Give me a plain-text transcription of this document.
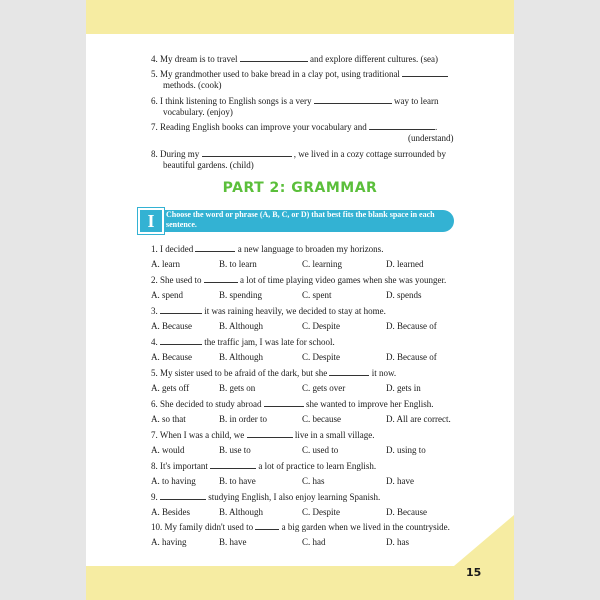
4. My dream is to travel	and explore different cultures. (sea)
5. My grandmother used to bake bread in a clay pot, using traditional
methods. (cook)
6. I think listening to English songs is a very	way to learn
vocabulary. (enjoy)
7. Reading English books can improve your vocabulary and	.
(understand)
8. During my	, we lived in a cozy cottage surrounded by
beautiful gardens. (child)
PART 2: GRAMMAR
I	Choose the word or phrase (A, B, C, or D) that best fits the blank space in each sentence.
1. I decided	a new language to broaden my horizons.
A. learn	B. to learn	C. learning	D. learned
2. She used to	a lot of time playing video games when she was younger.
A. spend	B. spending	C. spent	D. spends
3.	it was raining heavily, we decided to stay at home.
A. Because	B. Although	C. Despite	D. Because of
4.	the traffic jam, I was late for school.
A. Because	B. Although	C. Despite	D. Because of
5. My sister used to be afraid of the dark, but she	it now.
A. gets off	B. gets on	C. gets over	D. gets in
6. She decided to study abroad	she wanted to improve her English.
A. so that	B. in order to	C. because	D. All are correct.
7. When I was a child, we	live in a small village.
A. would	B. use to	C. used to	D. using to
8. It's important	a lot of practice to learn English.
A. to having	B. to have	C. has	D. have
9.	studying English, I also enjoy learning Spanish.
A. Besides	B. Although	C. Despite	D. Because
10. My family didn't used to	a big garden when we lived in the countryside.
A. having	B. have	C. had	D. has
15
